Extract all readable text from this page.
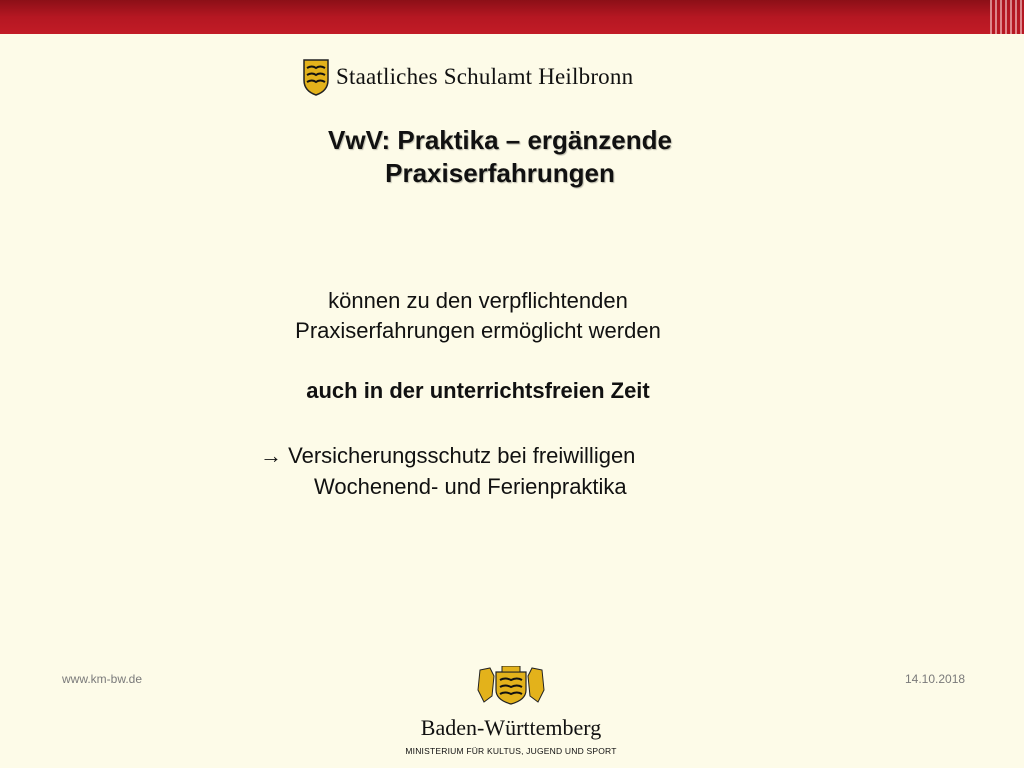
Staatliches Schulamt Heilbronn
VwV: Praktika – ergänzende
Praxiserfahrungen
können zu den verpflichtenden
Praxiserfahrungen ermöglicht werden
auch in der unterrichtsfreien Zeit
→ Versicherungsschutz bei freiwilligen
Wochenend- und Ferienpraktika
www.km-bw.de	14.10.2018
Baden-Württemberg
MINISTERIUM FÜR KULTUS, JUGEND UND SPORT
